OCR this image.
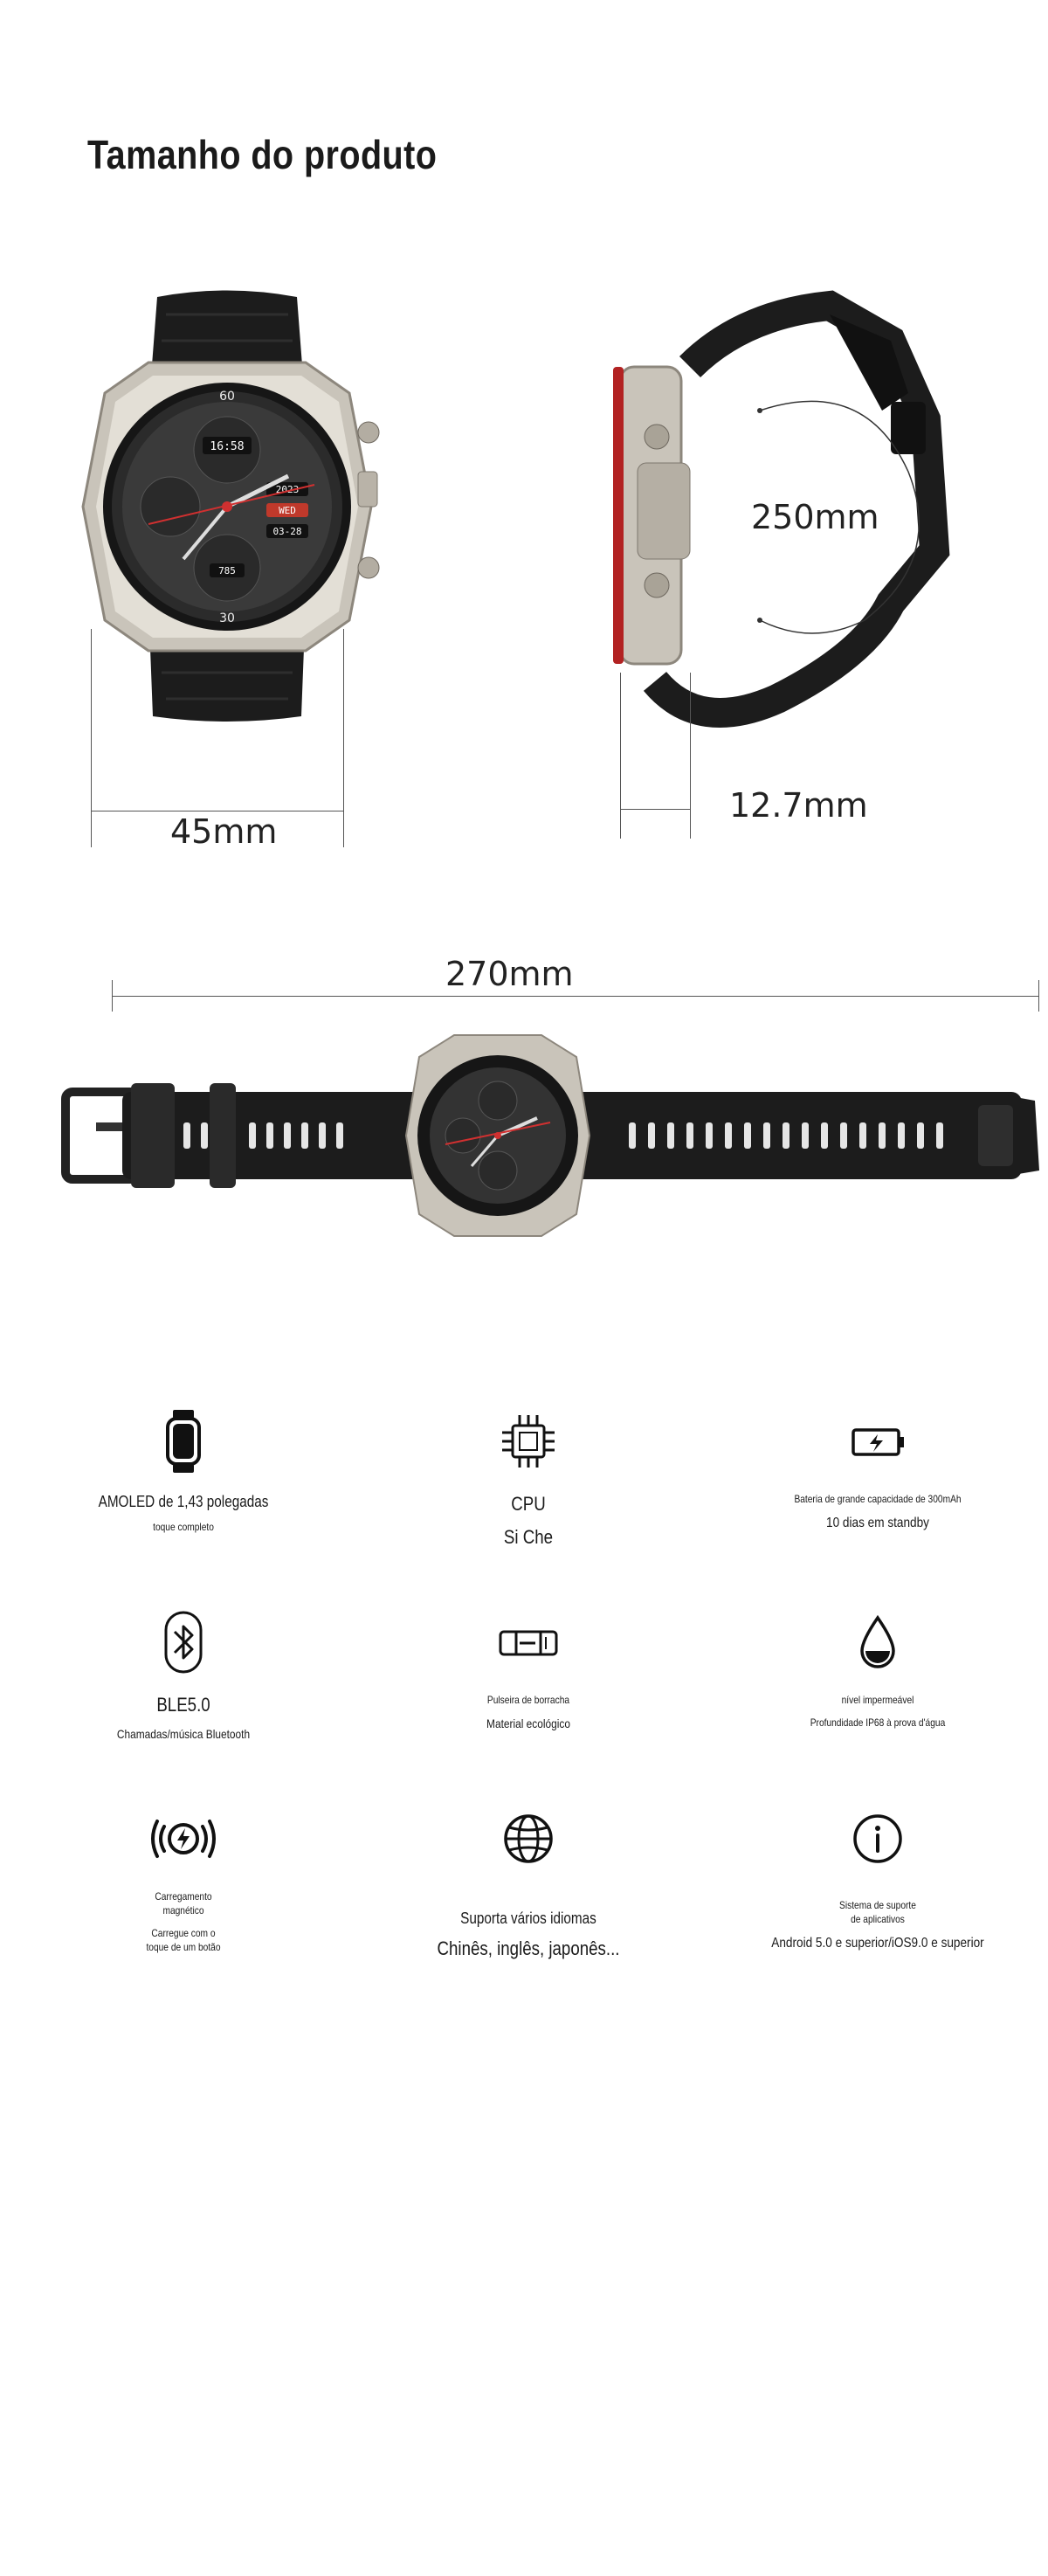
Tamanho do produto
60
30
16:58
2023
WED
03-28
785
45mm
250mm
12.7mm
270mm
AMOLED de 1,43 polegadas
toque completo
CPU
Si Che
Bateria de grande capacidade de 300mAh
10 dias em standby
BLE5.0
Chamadas/música Bluetooth
Pulseira de borracha
Material ecológico
nível impermeável
Profundidade IP68 à prova d'água
Carregamento magnético
Carregue com o toque de um botão
Suporta vários idiomas
Chinês, inglês, japonês...
Sistema de suporte de aplicativos
Android 5.0 e superior/iOS9.0 e superior
